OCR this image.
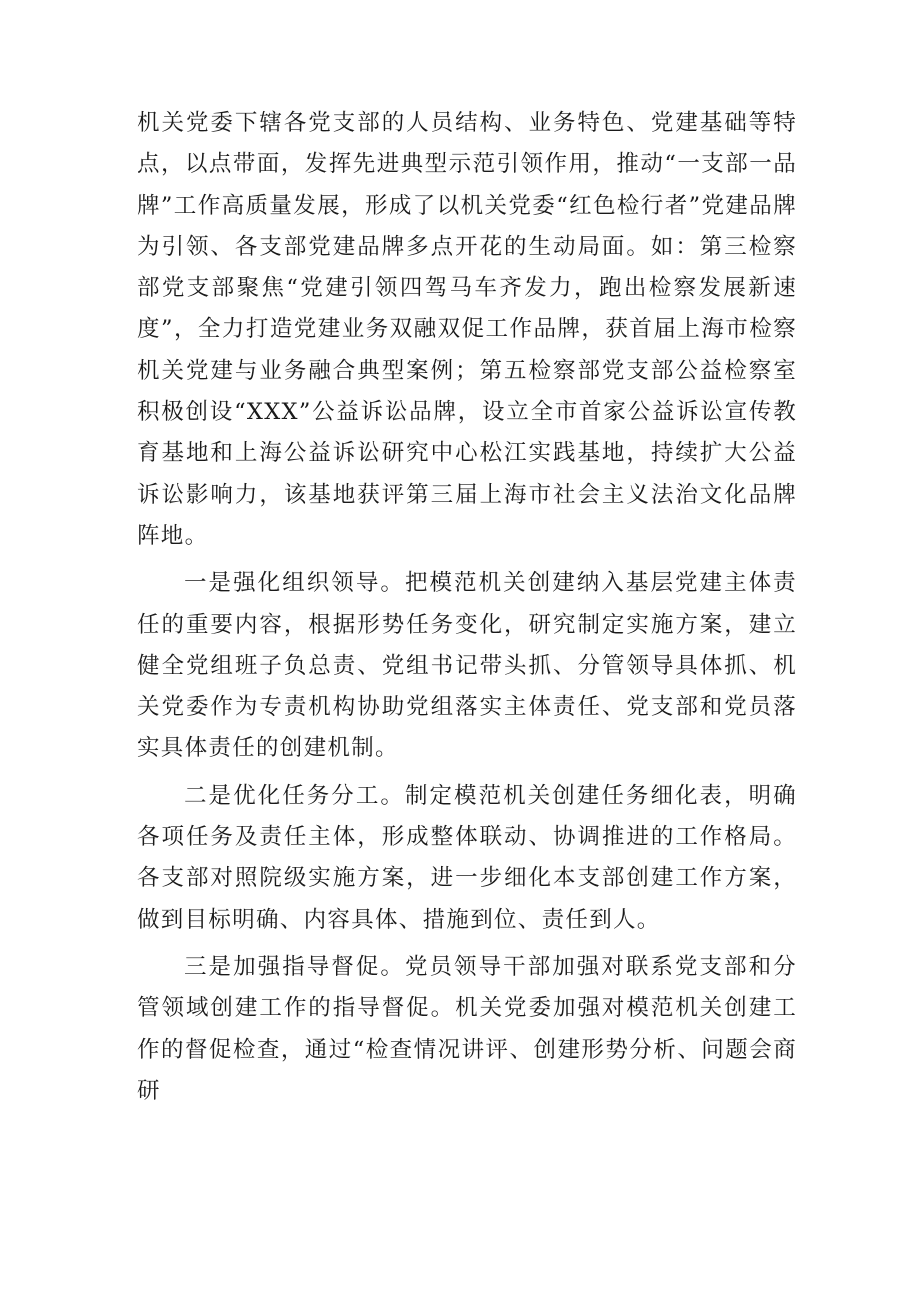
机关党委下辖各党支部的人员结构、业务特色、党建基础等特点，以点带面，发挥先进典型示范引领作用，推动“一支部一品牌”工作高质量发展，形成了以机关党委“红色检行者”党建品牌为引领、各支部党建品牌多点开花的生动局面。如：第三检察部党支部聚焦“党建引领四驾马车齐发力，跑出检察发展新速度”，全力打造党建业务双融双促工作品牌，获首届上海市检察机关党建与业务融合典型案例；第五检察部党支部公益检察室积极创设“XXX”公益诉讼品牌，设立全市首家公益诉讼宣传教育基地和上海公益诉讼研究中心松江实践基地，持续扩大公益诉讼影响力，该基地获评第三届上海市社会主义法治文化品牌阵地。

一是强化组织领导。把模范机关创建纳入基层党建主体责任的重要内容，根据形势任务变化，研究制定实施方案，建立健全党组班子负总责、党组书记带头抓、分管领导具体抓、机关党委作为专责机构协助党组落实主体责任、党支部和党员落实具体责任的创建机制。

二是优化任务分工。制定模范机关创建任务细化表，明确各项任务及责任主体，形成整体联动、协调推进的工作格局。各支部对照院级实施方案，进一步细化本支部创建工作方案，做到目标明确、内容具体、措施到位、责任到人。

三是加强指导督促。党员领导干部加强对联系党支部和分管领域创建工作的指导督促。机关党委加强对模范机关创建工作的督促检查，通过“检查情况讲评、创建形势分析、问题会商研
